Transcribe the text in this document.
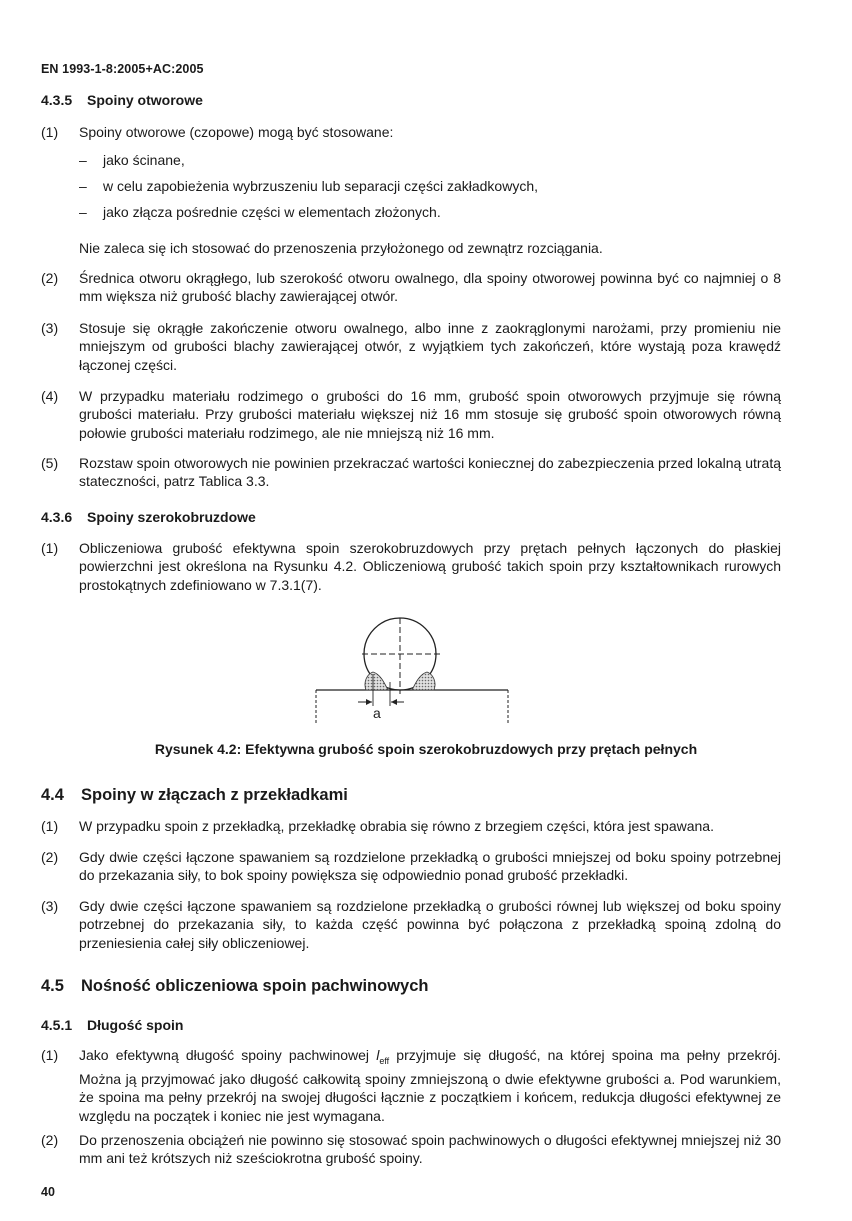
EN 1993-1-8:2005+AC:2005
4.3.5 Spoiny otworowe
(1)	Spoiny otworowe (czopowe) mogą być stosowane:
– jako ścinane,
– w celu zapobieżenia wybrzuszeniu lub separacji części zakładkowych,
– jako złącza pośrednie części w elementach złożonych.
Nie zaleca się ich stosować do przenoszenia przyłożonego od zewnątrz rozciągania.
(2)	Średnica otworu okrągłego, lub szerokość otworu owalnego, dla spoiny otworowej powinna być co najmniej o 8 mm większa niż grubość blachy zawierającej otwór.
(3)	Stosuje się okrągłe zakończenie otworu owalnego, albo inne z zaokrąglonymi narożami, przy promieniu nie mniejszym od grubości blachy zawierającej otwór, z wyjątkiem tych zakończeń, które wystają poza krawędź łączonej części.
(4)	W przypadku materiału rodzimego o grubości do 16 mm, grubość spoin otworowych przyjmuje się równą grubości materiału. Przy grubości materiału większej niż 16 mm stosuje się grubość spoin otworowych równą połowie grubości materiału rodzimego, ale nie mniejszą niż 16 mm.
(5)	Rozstaw spoin otworowych nie powinien przekraczać wartości koniecznej do zabezpieczenia przed lokalną utratą stateczności, patrz Tablica 3.3.
4.3.6 Spoiny szerokobruzdowe
(1)	Obliczeniowa grubość efektywna spoin szerokobruzdowych przy prętach pełnych łączonych do płaskiej powierzchni jest określona na Rysunku 4.2. Obliczeniową grubość takich spoin przy kształtownikach rurowych prostokątnych zdefiniowano w 7.3.1(7).
a
Rysunek 4.2: Efektywna grubość spoin szerokobruzdowych przy prętach pełnych
4.4 Spoiny w złączach z przekładkami
(1)	W przypadku spoin z przekładką, przekładkę obrabia się równo z brzegiem części, która jest spawana.
(2)	Gdy dwie części łączone spawaniem są rozdzielone przekładką o grubości mniejszej od boku spoiny potrzebnej do przekazania siły, to bok spoiny powiększa się odpowiednio ponad grubość przekładki.
(3)	Gdy dwie części łączone spawaniem są rozdzielone przekładką o grubości równej lub większej od boku spoiny potrzebnej do przekazania siły, to każda część powinna być połączona z przekładką spoiną zdolną do przeniesienia całej siły obliczeniowej.
4.5 Nośność obliczeniowa spoin pachwinowych
4.5.1 Długość spoin
(1)	Jako efektywną długość spoiny pachwinowej $l_{eff}$ przyjmuje się długość, na której spoina ma pełny przekrój. Można ją przyjmować jako długość całkowitą spoiny zmniejszoną o dwie efektywne grubości a. Pod warunkiem, że spoina ma pełny przekrój na swojej długości łącznie z początkiem i końcem, redukcja długości efektywnej ze względu na początek i koniec nie jest wymagana.
(2)	Do przenoszenia obciążeń nie powinno się stosować spoin pachwinowych o długości efektywnej mniejszej niż 30 mm ani też krótszych niż sześciokrotna grubość spoiny.
40
